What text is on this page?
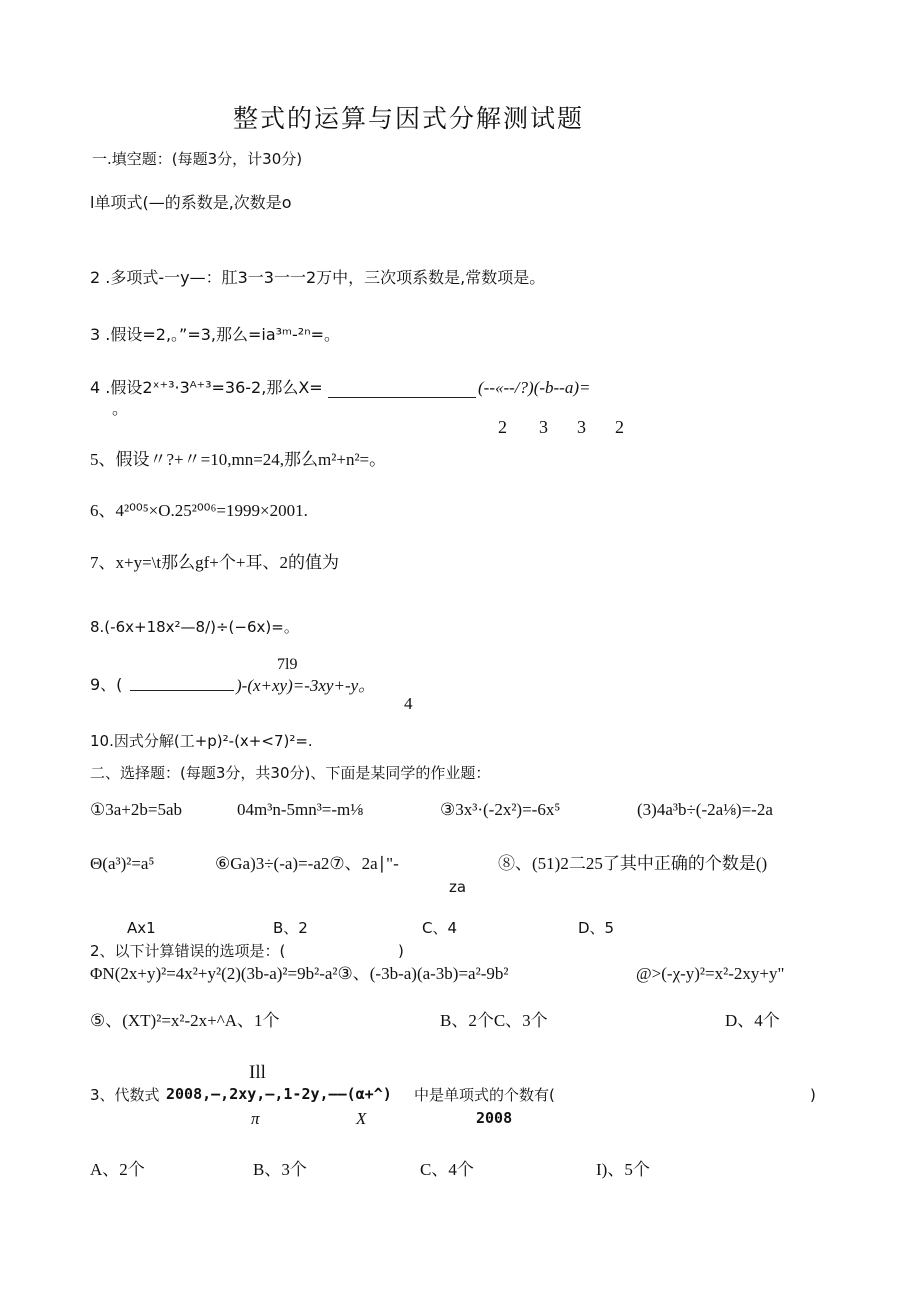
整式的运算与因式分解测试题
一.填空题：(每题3分，计30分)
l单项式(—的系数是,次数是o
2 .多项式-一y—：肛3一3一一2万中，三次项系数是,常数项是。
3 .假设=2,。”=3,那么=ia³ᵐ-²ⁿ=。
4 .假设2ˣ⁺³·3ᴬ⁺³=36-2,那么X=	(--«--/?)(-b--a)=
。
2 3 3 2
5、假设〃?+〃=10,mn=24,那么m²+n²=。
6、4²⁰⁰⁵×O.25²⁰⁰⁶=1999×2001.
7、x+y=\t那么gf+个+耳、2的值为
8.(-6x+18x²—8/)÷(−6x)=。
7l9
9、(	)-(x+xy)=-3xy+-y。
4
10.因式分解(工+p)²-(x+<7)²=.
二、选择题：(每题3分，共30分)、下面是某同学的作业题：
①3a+2b=5ab	04m³n-5mn³=-m⅛	③3x³·(-2x²)=-6x⁵	(3)4a³b÷(-2a⅛)=-2a
Θ(a³)²=a⁵	⑥Ga)3÷(-a)=-a2⑦、2a∣"-	⑧、(51)2二25了其中正确的个数是()
za
Ax1	B、2	C、4	D、5
2、以下计算错误的选项是：(	)
ΦN(2x+y)²=4x²+y²(2)(3b-a)²=9b²-a²③、(-3b-a)(a-3b)=a²-9b²	@>(-χ-y)²=x²-2xy+y"
⑤、(XT)²=x²-2x+^A、1个	B、2个C、3个	D、4个
Ill
3、代数式 2008,—,2xy,—,1-2y,——(α+^) 中是单项式的个数有(	)
π	X	2008
A、2个	B、3个	C、4个	I)、5个
